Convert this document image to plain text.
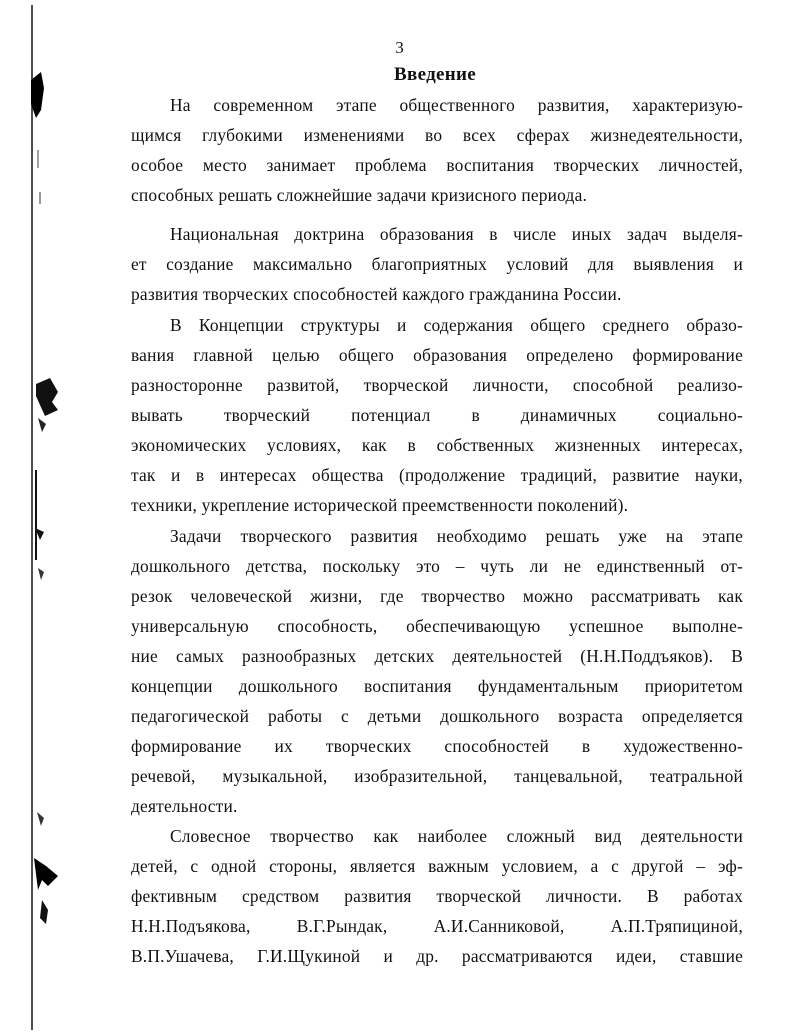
3
Введение
На современном этапе общественного развития, характеризую-
щимся глубокими изменениями во всех сферах жизнедеятельности,
особое место занимает проблема воспитания творческих личностей,
способных решать сложнейшие задачи кризисного периода.
Национальная доктрина образования в числе иных задач выделя-
ет создание максимально благоприятных условий для выявления и
развития творческих способностей каждого гражданина России.
В Концепции структуры и содержания общего среднего образо-
вания главной целью общего образования определено формирование
разносторонне развитой, творческой личности, способной реализо-
вывать творческий потенциал в динамичных социально-
экономических условиях, как в собственных жизненных интересах,
так и в интересах общества (продолжение традиций, развитие науки,
техники, укрепление исторической преемственности поколений).
Задачи творческого развития необходимо решать уже на этапе
дошкольного детства, поскольку это – чуть ли не единственный от-
резок человеческой жизни, где творчество можно рассматривать как
универсальную способность, обеспечивающую успешное выполне-
ние самых разнообразных детских деятельностей (Н.Н.Поддъяков). В
концепции дошкольного воспитания фундаментальным приоритетом
педагогической работы с детьми дошкольного возраста определяется
формирование их творческих способностей в художественно-
речевой, музыкальной, изобразительной, танцевальной, театральной
деятельности.
Словесное творчество как наиболее сложный вид деятельности
детей, с одной стороны, является важным условием, а с другой – эф-
фективным средством развития творческой личности. В работах
Н.Н.Подъякова, В.Г.Рындак, А.И.Санниковой, А.П.Тряпициной,
В.П.Ушачева, Г.И.Щукиной и др. рассматриваются идеи, ставшие
